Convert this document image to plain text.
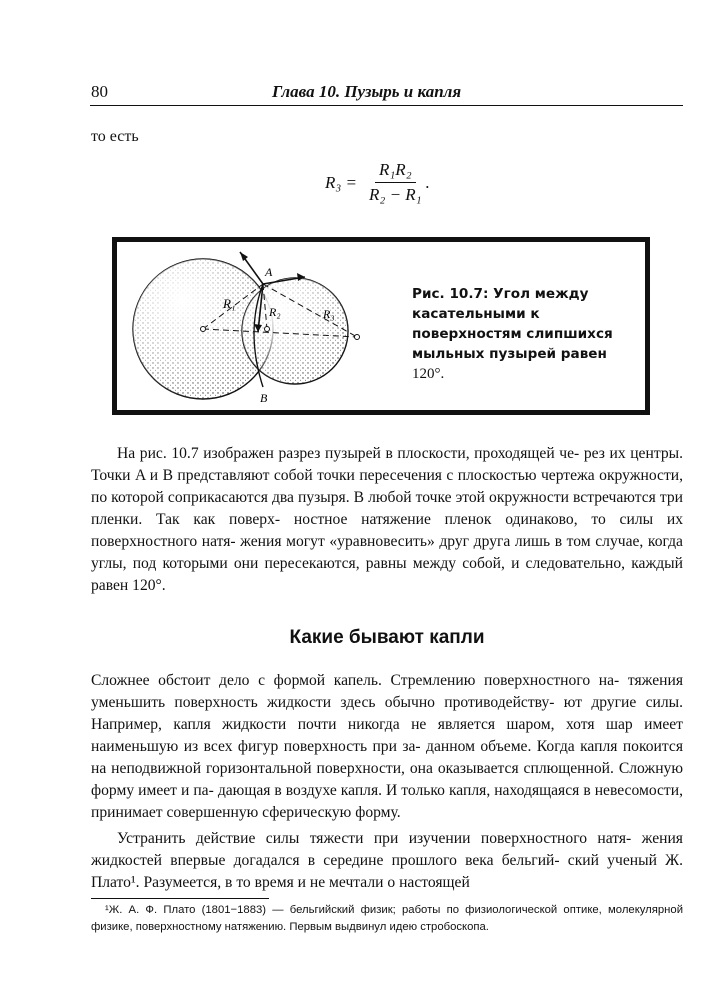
80	Глава 10. Пузырь и капля
то есть
$R_3 = \frac{\text{R₁R₂}}{\text{R₂ − R₁}}$ .
A
B
R₁
R₂	R₃
Рис. 10.7: Угол между
касательными к
поверхностям слипшихся
мыльных пузырей равен
120°.

На рис. 10.7 изображен разрез пузырей в плоскости, проходящей че- рез их центры. Точки A и B представляют собой точки пересечения с плоскостью чертежа окружности, по которой соприкасаются два пузыря. В любой точке этой окружности встречаются три пленки. Так как поверх- ностное натяжение пленок одинаково, то силы их поверхностного натя- жения могут «уравновесить» друг друга лишь в том случае, когда углы, под которыми они пересекаются, равны между собой, и следовательно, каждый равен 120°.

Какие бывают капли

Сложнее обстоит дело с формой капель. Стремлению поверхностного на- тяжения уменьшить поверхность жидкости здесь обычно противодейству- ют другие силы. Например, капля жидкости почти никогда не является шаром, хотя шар имеет наименьшую из всех фигур поверхность при за- данном объеме. Когда капля покоится на неподвижной горизонтальной поверхности, она оказывается сплющенной. Сложную форму имеет и па- дающая в воздухе капля. И только капля, находящаяся в невесомости, принимает совершенную сферическую форму.

Устранить действие силы тяжести при изучении поверхностного натя- жения жидкостей впервые догадался в середине прошлого века бельгий- ский ученый Ж. Плато¹. Разумеется, в то время и не мечтали о настоящей

¹Ж. А. Ф. Плато (1801−1883) — бельгийский физик; работы по физиологической оптике, молекулярной физике, поверхностному натяжению. Первым выдвинул идею стробоскопа.
